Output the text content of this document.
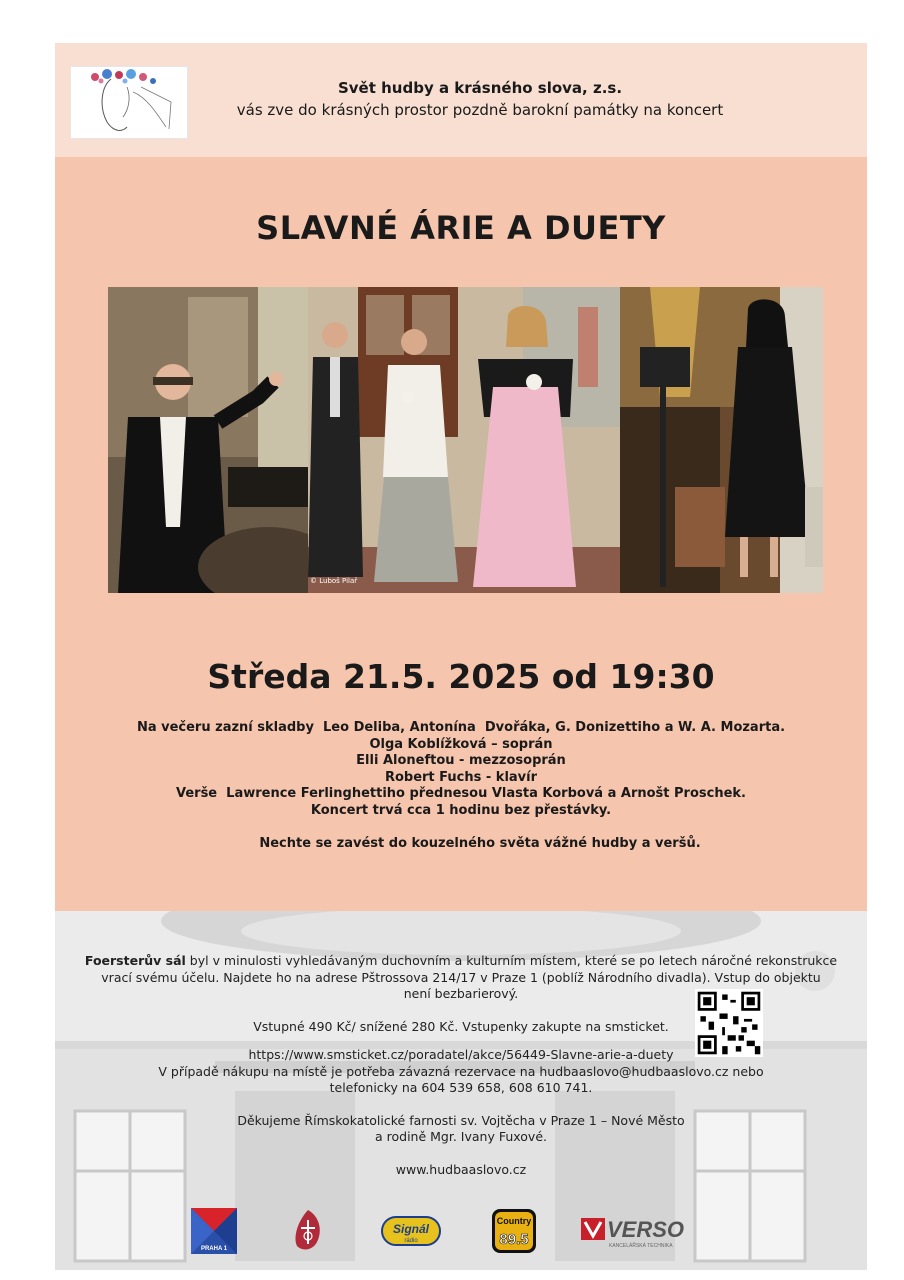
Svět hudby a krásného slova, z.s.
vás zve do krásných prostor pozdně barokní památky na koncert
SLAVNÉ ÁRIE A DUETY
© Luboš Pilař
Středa 21.5. 2025 od 19:30
Na večeru zazní skladby  Leo Deliba, Antonína  Dvořáka, G. Donizettiho a W. A. Mozarta.
Olga Koblížková – soprán
Elli Aloneftou - mezzosoprán
Robert Fuchs - klavír
Verše  Lawrence Ferlinghettiho přednesou Vlasta Korbová a Arnošt Proschek.
Koncert trvá cca 1 hodinu bez přestávky.
Nechte se zavést do kouzelného světa vážné hudby a veršů.
Foersterův sál byl v minulosti vyhledávaným duchovním a kulturním místem, které se po letech náročné rekonstrukce
vrací svému účelu. Najdete ho na adrese Pštrossova 214/17 v Praze 1 (poblíž Národního divadla). Vstup do objektu
není bezbarierový.
Vstupné 490 Kč/ snížené 280 Kč. Vstupenky zakupte na smsticket.
https://www.smsticket.cz/poradatel/akce/56449-Slavne-arie-a-duety
V případě nákupu na místě je potřeba závazná rezervace na hudbaaslovo@hudbaaslovo.cz nebo
telefonicky na 604 539 658, 608 610 741.
Děkujeme Římskokatolické farnosti sv. Vojtěcha v Praze 1 – Nové Město
a rodině Mgr. Ivany Fuxové.
www.hudbaaslovo.cz
PRAHA 1
Signál
rádio
Country
89.5	VERSO
KANCELÁŘSKÁ TECHNIKA
